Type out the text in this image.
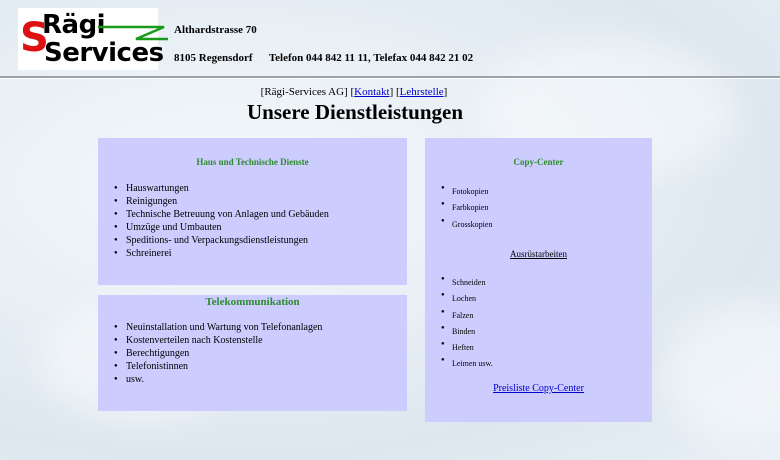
S
Rägi
Services
Althardstrasse 70
8105 Regensdorf      Telefon 044 842 11 11, Telefax 044 842 21 02
[Rägi-Services AG] [Kontakt] [Lehrstelle]
Unsere Dienstleistungen
Haus und Technische Dienste
● Hauswartungen
● Reinigungen
● Technische Betreuung von Anlagen und Gebäuden
● Umzüge und Umbauten
● Speditions- und Verpackungsdienstleistungen
● Schreinerei
Telekommunikation
● Neuinstallation und Wartung von Telefonanlagen
● Kostenverteilen nach Kostenstelle
● Berechtigungen
● Telefonistinnen
● usw.
Copy-Center
● Fotokopien
● Farbkopien
● Grosskopien
Ausrüstarbeiten
● Schneiden
● Lochen
● Falzen
● Binden
● Heften
● Leimen usw.
Preisliste Copy-Center
